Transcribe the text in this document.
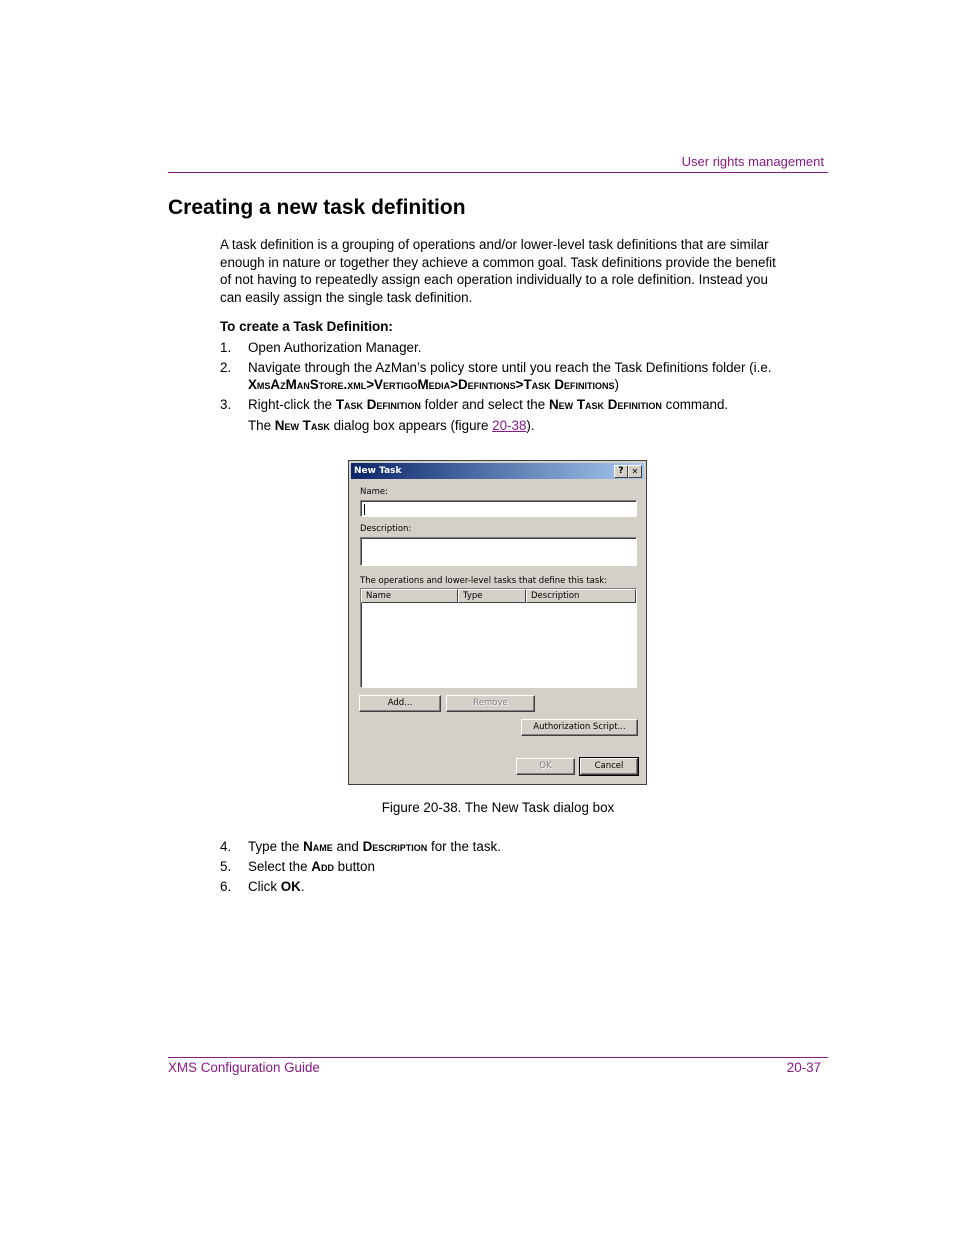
User rights management
Creating a new task definition

A task definition is a grouping of operations and/or lower-level task definitions that are similar enough in nature or together they achieve a common goal. Task definitions provide the benefit of not having to repeatedly assign each operation individually to a role definition. Instead you can easily assign the single task definition.

To create a Task Definition:

1.	Open Authorization Manager.
2.	Navigate through the AzMan’s policy store until you reach the Task Definitions folder (i.e. XmsAzManStore.xml>VertigoMedia>Defintions>Task Definitions)
3.	Right-click the Task Definition folder and select the New Task Definition command.
The New Task dialog box appears (figure 20-38).
New Task	?	✕
Name:
Description:
The operations and lower-level tasks that define this task:
Name	Type	Description
Add...	Remove
Authorization Script...
OK	Cancel
Figure 20-38. The New Task dialog box
4.	Type the Name and Description for the task.
5.	Select the Add button
6.	Click OK.
XMS Configuration Guide	20-37
